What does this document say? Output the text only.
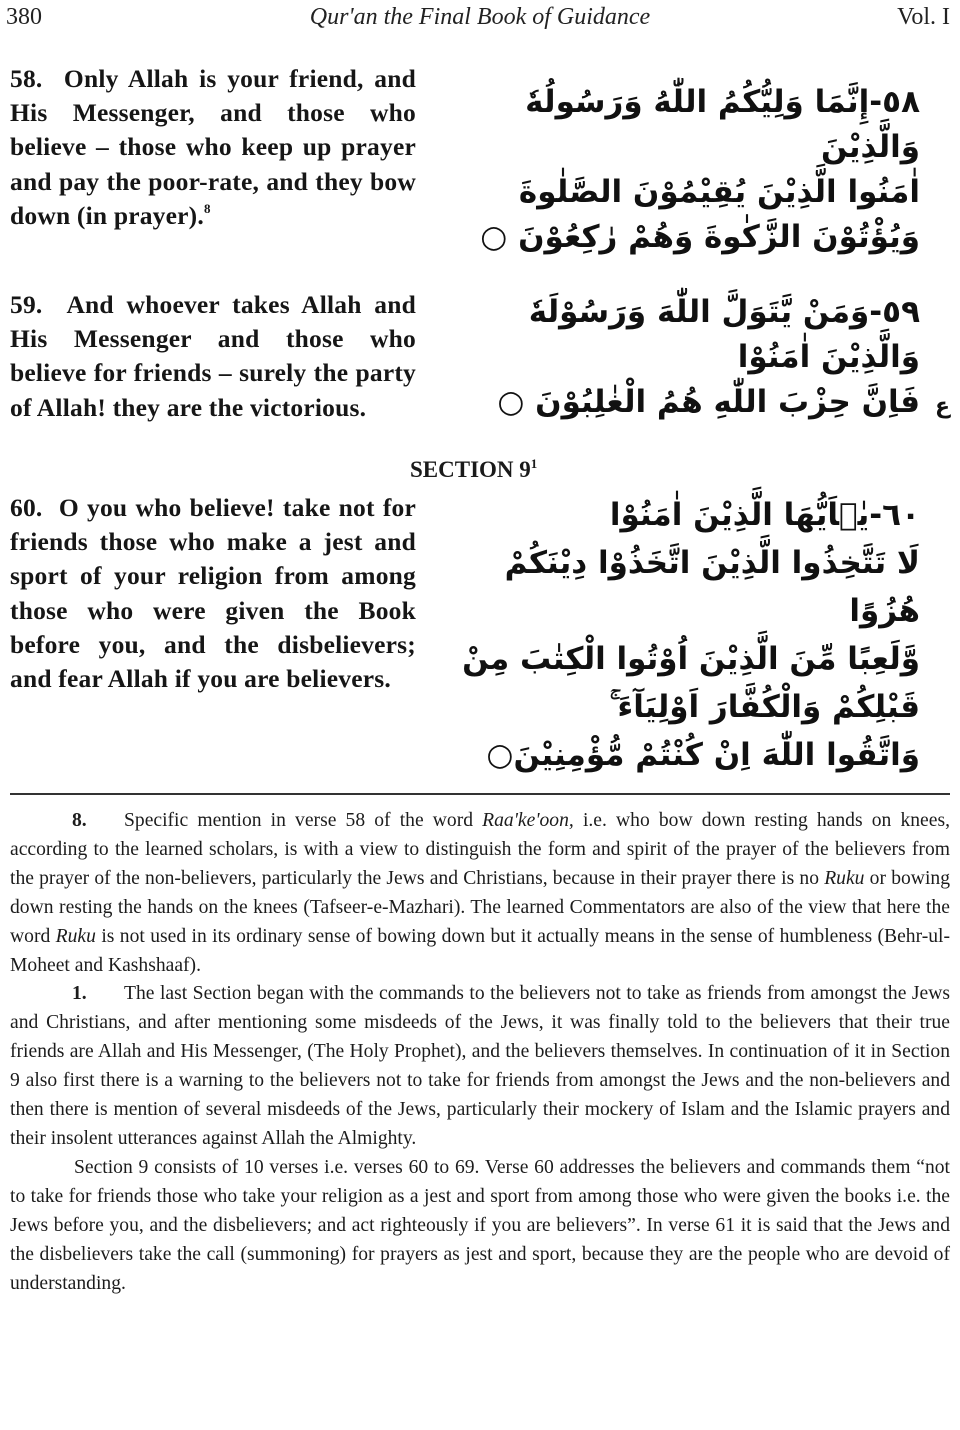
380	Qur'an the Final Book of Guidance	Vol. I
58. Only Allah is your friend, and His Messenger, and those who believe – those who keep up prayer and pay the poor-rate, and they bow down (in prayer).$^8$
٥٨-إِنَّمَا وَلِيُّكُمُ اللّٰهُ وَرَسُولُهٗ وَالَّذِيْنَ
اٰمَنُوا الَّذِيْنَ يُقِيْمُوْنَ الصَّلٰوةَ
وَيُؤْتُوْنَ الزَّكٰوةَ وَهُمْ رٰكِعُوْنَ ○
59. And whoever takes Allah and His Messenger and those who believe for friends – surely the party of Allah! they are the victorious.
٥٩-وَمَنْ يَّتَوَلَّ اللّٰهَ وَرَسُوْلَهٗ
وَالَّذِيْنَ اٰمَنُوْا
فَاِنَّ حِزْبَ اللّٰهِ هُمُ الْغٰلِبُوْنَ ○ ع
SECTION $9^1$
60. O you who believe! take not for friends those who make a jest and sport of your religion from among those who were given the Book before you, and the disbelievers; and fear Allah if you are believers.
٦٠-يٰۤاَيُّهَا الَّذِيْنَ اٰمَنُوْا
لَا تَتَّخِذُوا الَّذِيْنَ اتَّخَذُوْا دِيْنَكُمْ هُزُوًا
وَّلَعِبًا مِّنَ الَّذِيْنَ اُوْتُوا الْكِتٰبَ مِنْ
قَبْلِكُمْ وَالْكُفَّارَ اَوْلِيَآءَ ۚ
وَاتَّقُوا اللّٰهَ اِنْ كُنْتُمْ مُّؤْمِنِيْنَ○

8. Specific mention in verse 58 of the word Raa'ke'oon, i.e. who bow down resting hands on knees, according to the learned scholars, is with a view to distinguish the form and spirit of the prayer of the believers from the prayer of the non-believers, particularly the Jews and Christians, because in their prayer there is no Ruku or bowing down resting the hands on the knees (Tafseer-e-Mazhari). The learned Commentators are also of the view that here the word Ruku is not used in its ordinary sense of bowing down but it actually means in the sense of humbleness (Behr-ul-Moheet and Kashshaaf).

1. The last Section began with the commands to the believers not to take as friends from amongst the Jews and Christians, and after mentioning some misdeeds of the Jews, it was finally told to the believers that their true friends are Allah and His Messenger, (The Holy Prophet), and the believers themselves. In continuation of it in Section 9 also first there is a warning to the believers not to take for friends from amongst the Jews and the non-believers and then there is mention of several misdeeds of the Jews, particularly their mockery of Islam and the Islamic prayers and their insolent utterances against Allah the Almighty.

Section 9 consists of 10 verses i.e. verses 60 to 69. Verse 60 addresses the believers and commands them “not to take for friends those who take your religion as a jest and sport from among those who were given the books i.e. the Jews before you, and the disbelievers; and act righteously if you are believers”. In verse 61 it is said that the Jews and the disbelievers take the call (summoning) for prayers as jest and sport, because they are the people who are devoid of understanding.
